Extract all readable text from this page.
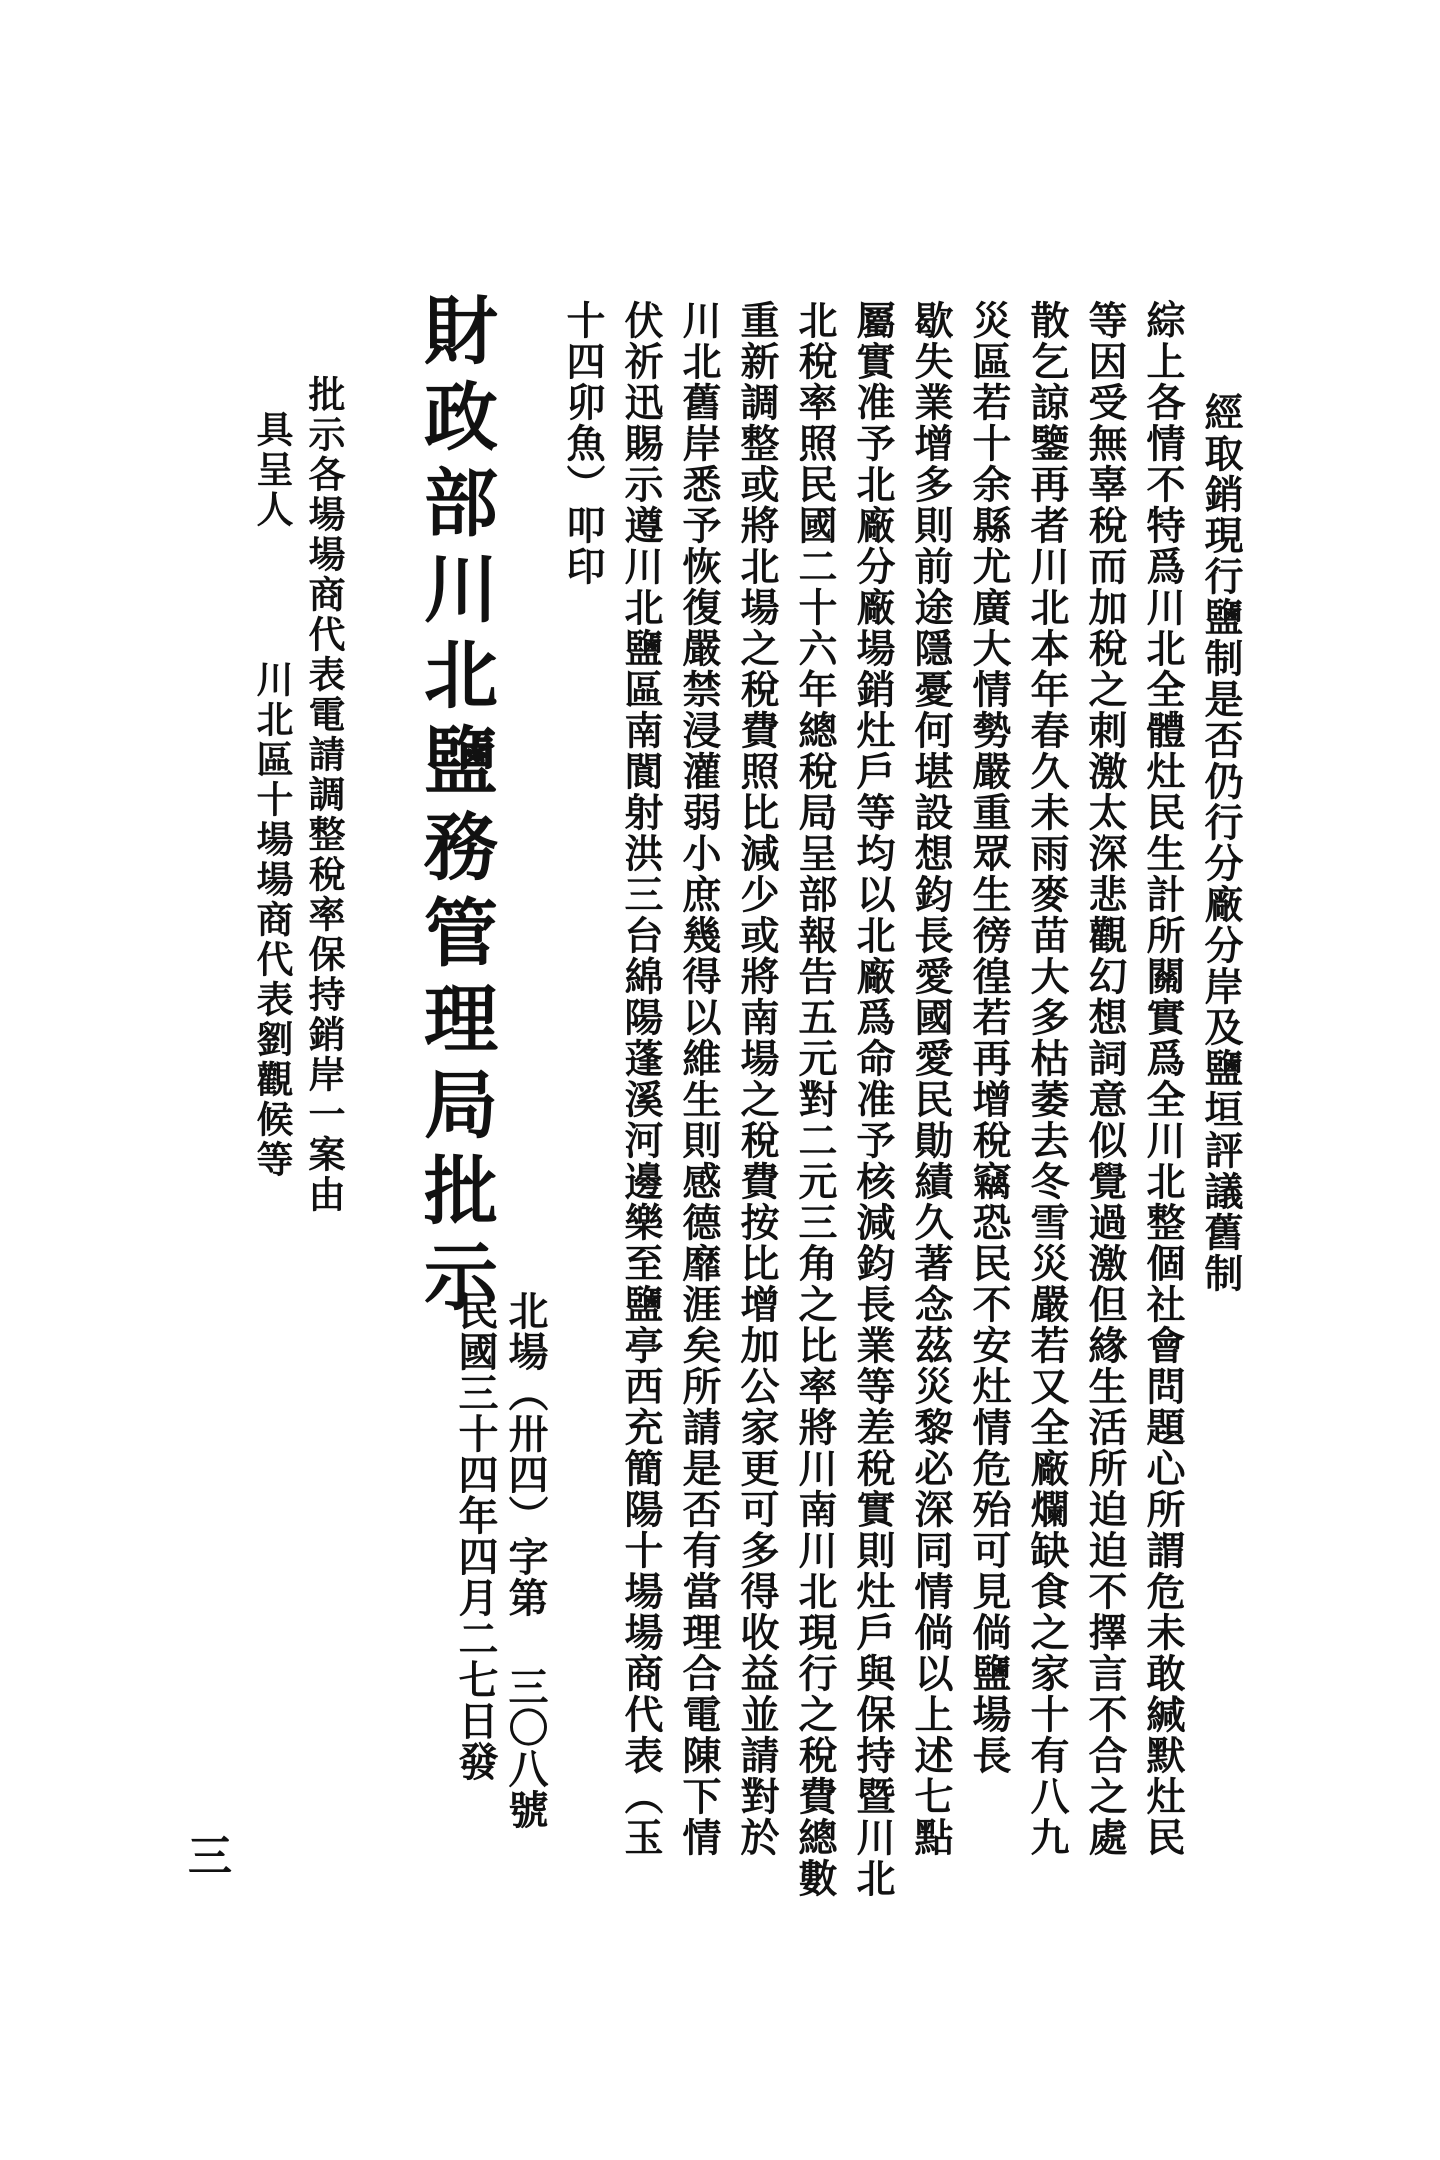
經取銷現行鹽制是否仍行分廠分岸及鹽垣評議舊制
綜上各情不特爲川北全體灶民生計所關實爲全川北整個社會問題心所謂危未敢緘默灶民
等因受無辜稅而加稅之刺激太深悲觀幻想詞意似覺過激但緣生活所迫迫不擇言不合之處
散乞諒鑒再者川北本年春久未雨麥苗大多枯萎去冬雪災嚴若又全廠爛缺食之家十有八九
災區若十余縣尤廣大情勢嚴重眾生徬徨若再增稅竊恐民不安灶情危殆可見倘鹽場長
歇失業增多則前途隱憂何堪設想鈞長愛國愛民勛績久著念茲災黎必深同情倘以上述七點
屬實准予北廠分廠場銷灶戶等均以北廠爲命准予核減鈞長業等差稅實則灶戶與保持暨川北
北稅率照民國二十六年總稅局呈部報告五元對二元三角之比率將川南川北現行之稅費總數
重新調整或將北場之稅費照比減少或將南場之稅費按比增加公家更可多得收益並請對於
川北舊岸悉予恢復嚴禁浸灌弱小庶幾得以維生則感德靡涯矣所請是否有當理合電陳下情
伏祈迅賜示遵川北鹽區南閬射洪三台綿陽蓬溪河邊樂至鹽亭西充簡陽十場場商代表（玉
十四卯魚）叩印
財政部川北鹽務管理局批示
北場（卅四）字第 三〇八號
民國三十四年四月二七日發
批示各場場商代表電請調整稅率保持銷岸一案由
具呈人
川北區十場場商代表劉觀候等
三
